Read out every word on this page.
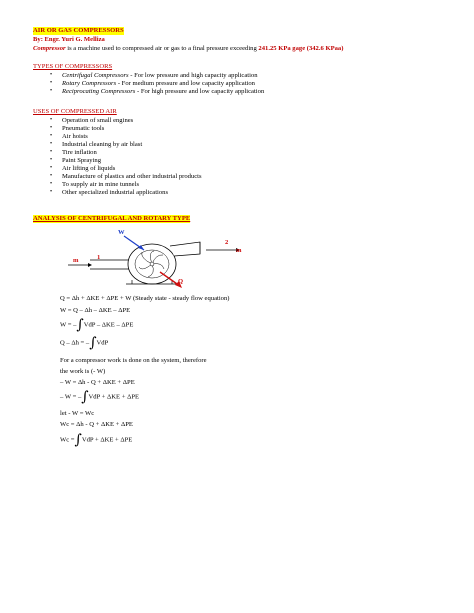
AIR OR GAS COMPRESSORS
By: Engr. Yuri G. Melliza
Compressor is a machine used to compressed air or gas to a final pressure exceeding 241.25 KPa gage (342.6 KPaa)
TYPES OF COMPRESSORS
• Centrifugal Compressors - For low pressure and high capacity application
• Rotary Compressors - For medium pressure and low capacity application
• Reciprocating Compressors - For high pressure and low capacity application
USES OF COMPRESSED AIR
• Operation of small engines
• Pneumatic tools
• Air hoists
• Industrial cleaning by air blast
• Tire inflation
• Paint Spraying
• Air lifting of liquids
• Manufacture of plastics and other industrial products
• To supply air in mine tunnels
• Other specialized industrial applications
ANALYSIS OF CENTRIFUGAL AND ROTARY TYPE
W
1
2
m
m
Q
Q = Δh + ΔKE + ΔPE + W (Steady state - steady flow equation)
W = Q – Δh – ΔKE – ΔPE
W = –∫VdP – ΔKE – ΔPE
Q – Δh = –∫VdP
For a compressor work is done on the system, therefore
the work is (- W)
– W = Δh - Q + ΔKE + ΔPE
– W = –∫VdP + ΔKE + ΔPE
let - W = Wc
Wc = Δh - Q + ΔKE + ΔPE
Wc =∫VdP + ΔKE + ΔPE
